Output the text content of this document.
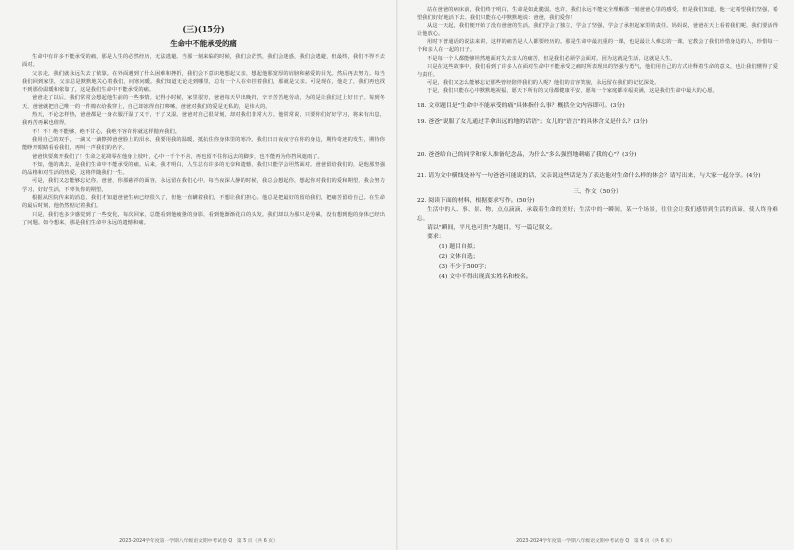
(三)(15分)
生命中不能承受的痛

生命中有许多不能承受的痛，那是人生的必然经历，无法逃避。当那一刻来临的时候，我们会茫然，我们会迷惑，我们会逃避，但最终，我们不得不去面对。

父亲走，我们就永远失去了依靠。在外面遇到了什么困难和挫折，我们会下意识地想起父亲，想起他那宽厚的肩膀和慈爱的目光。然后再去努力。每当我们回到家里，父亲总是默默地关心着我们，问寒问暖。我们知道无论走到哪里，总有一个人在牵挂着我们，那就是父亲。可是现在，他走了，我们再也找不到那份温暖和依靠了，这是我们生命中不能承受的痛。

爸爸走了以后，我们常常会想起他生前的一些事情。记得小时候，家里很穷，爸爸每天早出晚归，辛辛苦苦地劳动，为的是让我们过上好日子。每到冬天，爸爸就把自己唯一的一件棉衣给我穿上，自己却冻得直打哆嗦。爸爸对我们的爱是无私的，是伟大的。

热天，不论怎样热，爸爸都是一身衣服汗湿了又干，干了又湿。爸爸对自己很苛刻，却对我们非常大方。他常常说，只要你们好好学习，将来有出息，我再苦再累也值得。

不！不！绝不能够，绝不甘心，我绝不容许你就这样抛弃我们。

我用自己的双手，一滴又一滴擦掉爸爸脸上的泪水，我要用我的温暖，抵抗住你身体里的寒冷。我们日日夜夜守在你的身边，期待奇迹的发生，期待你能睁开眼睛看看我们，再叫一声我们的名字。

爸爸快要离开我们了！生命之花凋零在他身上枝叶，心中一千个不舍，再也留不住你远去的脚步，也不能再为你挡风遮雨了。

不知，他的离去，是我们生命中不能承受的痛。后来，我才明白，人生总有许多的无奈和遗憾，我们只能学会坦然面对。爸爸留给我们的，是他那坚强的品格和对生活的热爱，这将伴随我们一生。

可是，我们又怎能够忘记你，爸爸，你那慈祥的面容，永远留在我们心中。每当夜深人静的时候，我总会想起你，想起你对我们的爱和期望，我会努力学习，好好生活，不辜负你的期望。

根据从医院传来的消息，我们才知道爸爸生病已经很久了，但他一直瞒着我们，不想让我们担心。他总是把最好的留给我们，把痛苦留给自己。在生命的最后时刻，他仍然惦记着我们。

只是，我们也多少感觉到了一些变化，每次回家，总能看到他疲惫的身影，看到他渐渐花白的头发。我们却以为那只是劳累，没有想到他的身体已经出了问题。如今想来，那是我们生命中永远的遗憾和痛。

2023-2024学年度第一学期八年级语文期中考试卷 Q　第 5 页（共 6 页）

站在爸爸的病床前，我们终于明白，生命是如此脆弱。也许，我们永远不能完全理解那一刻爸爸心里的感受，但是我们知道，他一定希望我们坚强，希望我们好好地活下去。我们只能在心中默默地说：爸爸，我们爱你！

从这一天起，我们便开始了没有爸爸的生活。我们学会了独立，学会了坚强，学会了承担起家里的责任。妈妈说，爸爸在天上看着我们呢，我们要活得让他放心。

用时下普通话的说法来讲，这样的痛苦是人人都要经历的。那是生命中最沉重的一课，也是最让人难忘的一课。它教会了我们珍惜身边的人，珍惜每一个和亲人在一起的日子。

不是每一个人都能够坦然地面对失去亲人的痛苦，但是我们必须学会面对。因为这就是生活，这就是人生。

只是在这些故事中，我们看到了许多人在面对生命中不能承受之痛时所表现出的坚强与勇气，他们用自己的方式诠释着生命的意义，也让我们懂得了爱与责任。

可是，我们又怎么能够忘记那些曾经陪伴我们的人呢？他们的音容笑貌，永远留在我们的记忆深处。

于是，我们只能在心中默默地祝福，愿天下所有的父母都健康平安，愿每一个家庭都幸福美满，这是我们生命中最大的心愿。

18. 文章题目是"生命中不能承受的痛"具体指什么事？概括全文内容即可。(3分)

19. 爸爸"说服了女儿通过手拿出远的地的话语"；女儿的"语言"的具体含义是什么？(3分)

20. 爸爸给自己的同学和家人准备纪念品，为什么"多么强烈地刺痛了我的心"？(3分)

21. 请为文中横线处补写一句爸爸可能说的话，父亲说这些话是为了表达他对生命什么样的体会？请写出来，与大家一起分享。(4分)

三、作文（50分）

22. 阅读下面的材料，根据要求写作。(50分)

生活中的人、事、景、物，点点滴滴，承载着生命的美好；生活中的一瞬间，某一个场景，往往会让我们感悟到生活的真谛，使人终身难忘。

请以"瞬间，平凡也可贵"为题目，写一篇记叙文。

要求：

(1) 题目自拟；

(2) 文体自选；

(3) 不少于500字；

(4) 文中不得出现真实姓名和校名。

2023-2024学年度第一学期八年级语文期中考试卷 Q　第 6 页（共 6 页）
